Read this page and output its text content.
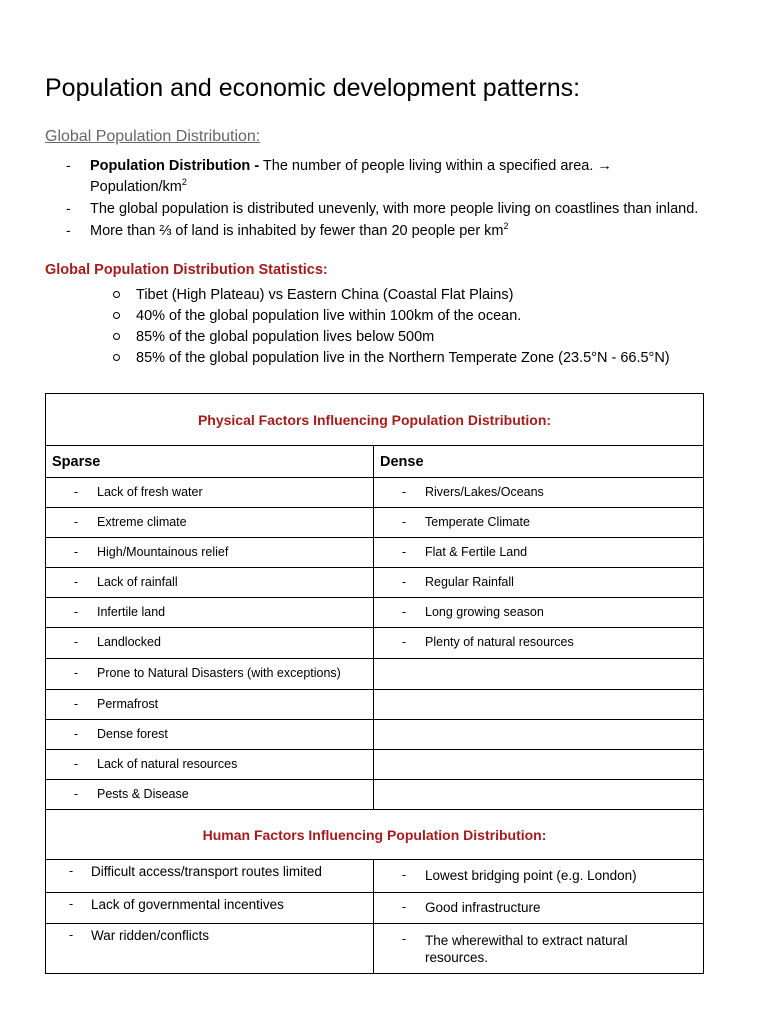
Population and economic development patterns:
Global Population Distribution:
- Population Distribution - The number of people living within a specified area. →
Population/$km^2$
- The global population is distributed unevenly, with more people living on coastlines than inland.
- More than ⅔ of land is inhabited by fewer than 20 people per $km^2$
Global Population Distribution Statistics:
Tibet (High Plateau) vs Eastern China (Coastal Flat Plains)
40% of the global population live within 100km of the ocean.
85% of the global population lives below 500m
85% of the global population live in the Northern Temperate Zone (23.5°N - 66.5°N)
Physical Factors Influencing Population Distribution:	
Sparse	Dense

- Lack of fresh water	- Rivers/Lakes/Oceans

- Extreme climate	- Temperate Climate

- High/Mountainous relief	- Flat & Fertile Land

- Lack of rainfall	- Regular Rainfall

- Infertile land	- Long growing season

- Landlocked	- Plenty of natural resources

- Prone to Natural Disasters (with exceptions)	

- Permafrost	

- Dense forest	

- Lack of natural resources	

- Pests & Disease	

Human Factors Influencing Population Distribution:	

- Difficult access/transport routes limited	- Lowest bridging point (e.g. London)

- Lack of governmental incentives	- Good infrastructure

- War ridden/conflicts	- The wherewithal to extract natural resources.
